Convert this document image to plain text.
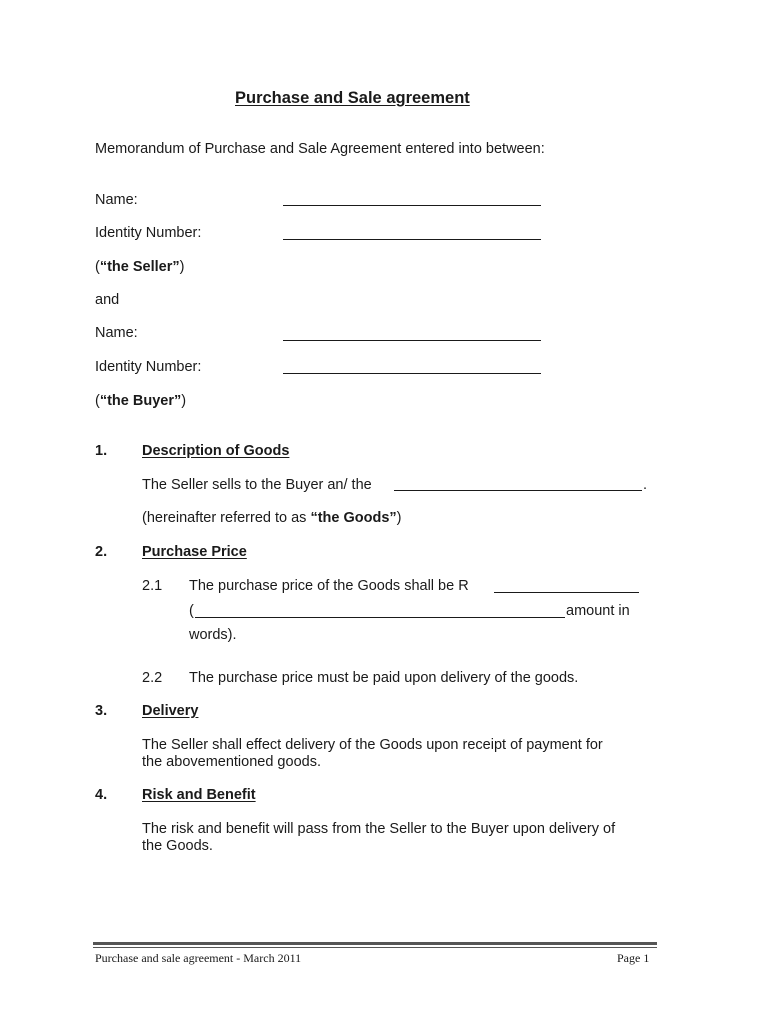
Purchase and Sale agreement
Memorandum of Purchase and Sale Agreement entered into between:
Name:
Identity Number:
(“the Seller”)
and
Name:
Identity Number:
(“the Buyer”)
1. Description of Goods
The Seller sells to the Buyer an/ the	.
(hereinafter referred to as “the Goods”)
2. Purchase Price
2.1 The purchase price of the Goods shall be R
(	amount in
words).
2.2 The purchase price must be paid upon delivery of the goods.
3. Delivery
The Seller shall effect delivery of the Goods upon receipt of payment for
the abovementioned goods.
4. Risk and Benefit
The risk and benefit will pass from the Seller to the Buyer upon delivery of
the Goods.
Purchase and sale agreement - March 2011	Page 1
